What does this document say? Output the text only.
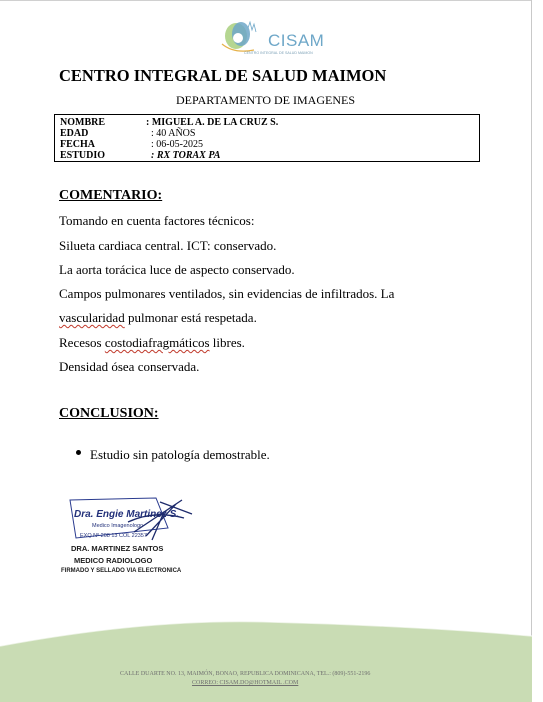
CISAM
CENTRO INTEGRAL DE SALUD MAIMON
CENTRO INTEGRAL DE SALUD MAIMON
DEPARTAMENTO DE IMAGENES
NOMBRE	: MIGUEL A. DE LA CRUZ S.
EDAD	: 40 AÑOS
FECHA	: 06-05-2025
ESTUDIO	: RX TORAX PA
COMENTARIO:
Tomando en cuenta factores técnicos:
Silueta cardiaca central. ICT: conservado.
La aorta torácica luce de aspecto conservado.
Campos pulmonares ventilados, sin evidencias de infiltrados. La
vascularidad pulmonar está respetada.
Recesos costodiafragmáticos libres.
Densidad ósea conservada.
CONCLUSION:
Estudio sin patología demostrable.
Dra. Engie Martinez S.
Medico Imagenologo
EXQ Nº 208 13 COL 22357
DRA. MARTINEZ SANTOS
MEDICO RADIOLOGO
FIRMADO Y SELLADO VIA ELECTRONICA
CALLE DUARTE NO. 13, MAIMÓN, BONAO, REPUBLICA DOMINICANA, TEL.: (809)-551-2196
CORREO: CISAM.DO@HOTMAIL .COM
